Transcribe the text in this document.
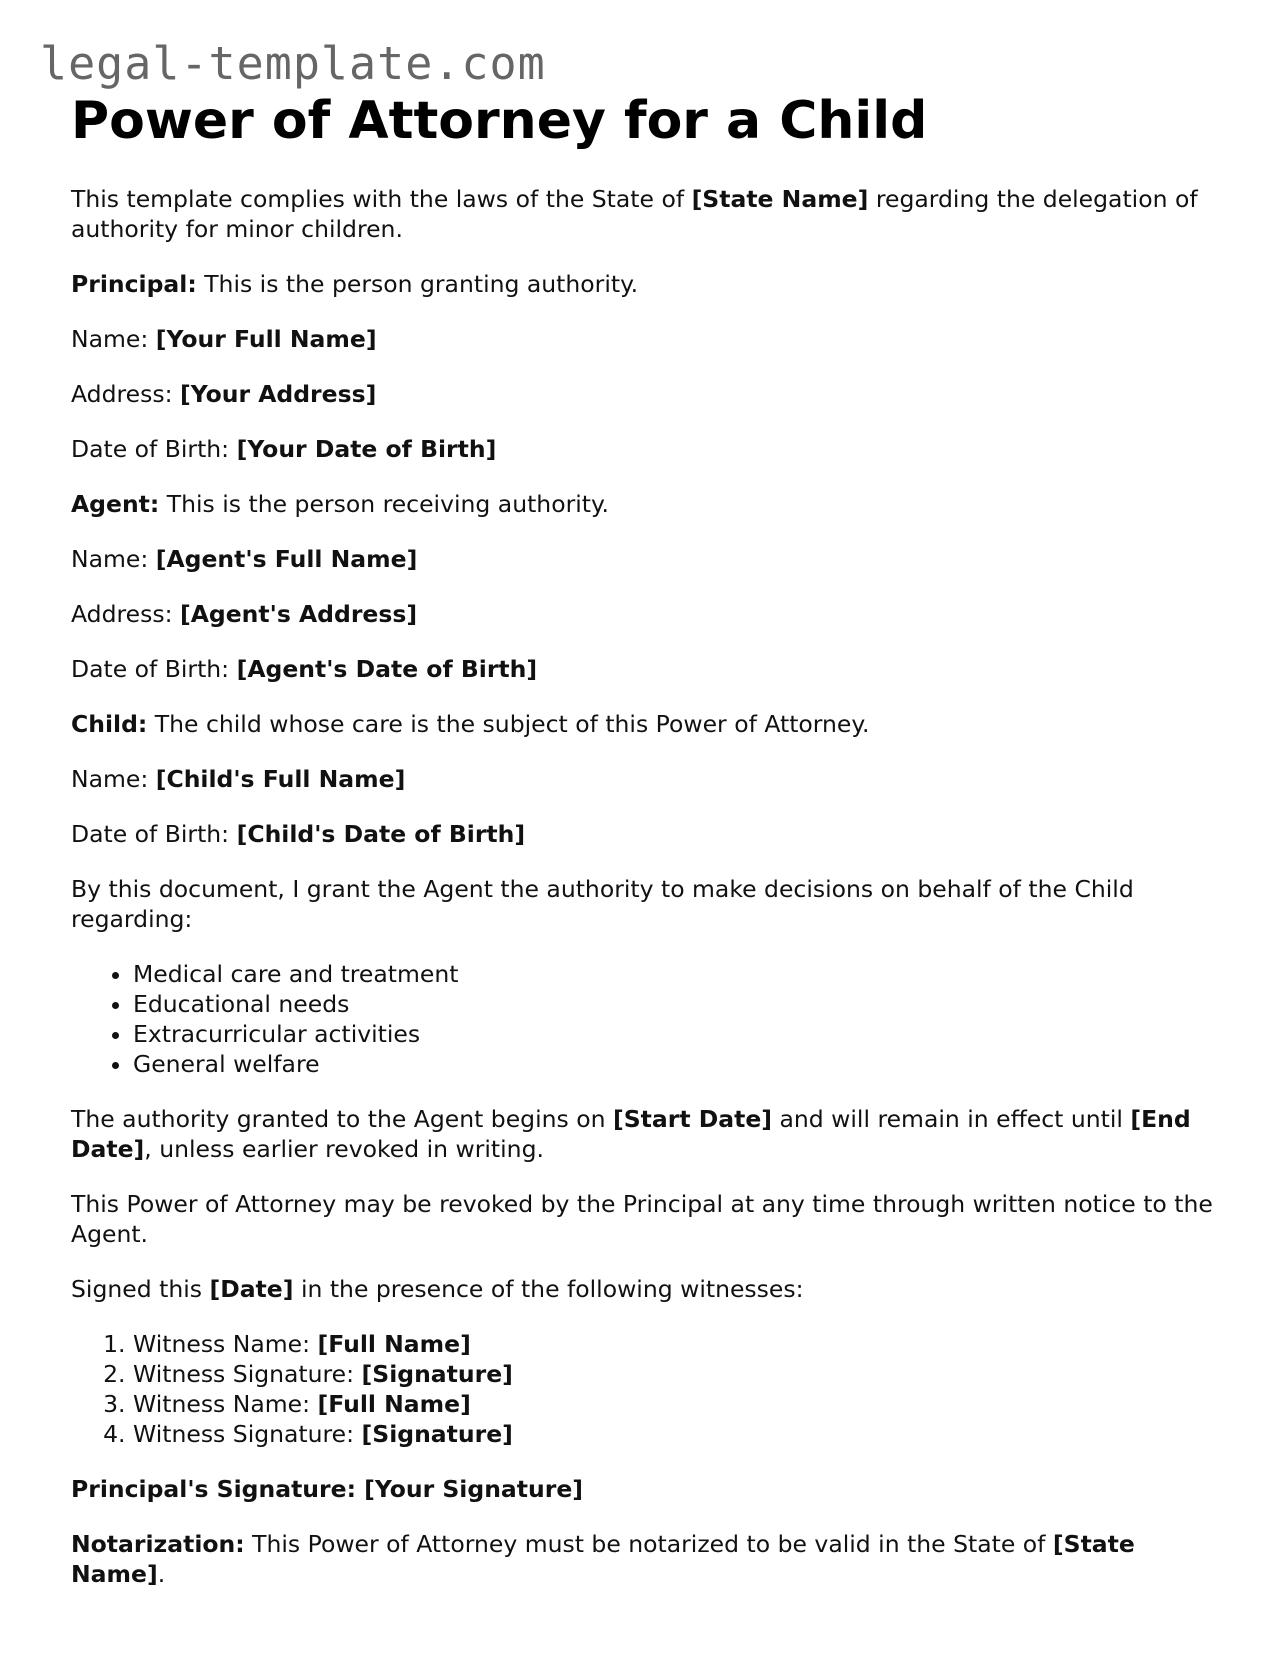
legal-template.com
Power of Attorney for a Child

This template complies with the laws of the State of [State Name] regarding the delegation of authority for minor children.

Principal: This is the person granting authority.

Name: [Your Full Name]

Address: [Your Address]

Date of Birth: [Your Date of Birth]

Agent: This is the person receiving authority.

Name: [Agent's Full Name]

Address: [Agent's Address]

Date of Birth: [Agent's Date of Birth]

Child: The child whose care is the subject of this Power of Attorney.

Name: [Child's Full Name]

Date of Birth: [Child's Date of Birth]

By this document, I grant the Agent the authority to make decisions on behalf of the Child regarding:

• Medical care and treatment
• Educational needs
• Extracurricular activities
• General welfare

The authority granted to the Agent begins on [Start Date] and will remain in effect until [End Date], unless earlier revoked in writing.

This Power of Attorney may be revoked by the Principal at any time through written notice to the Agent.

Signed this [Date] in the presence of the following witnesses:

1. Witness Name: [Full Name]
2. Witness Signature: [Signature]
3. Witness Name: [Full Name]
4. Witness Signature: [Signature]

Principal's Signature: [Your Signature]

Notarization: This Power of Attorney must be notarized to be valid in the State of [State Name].
